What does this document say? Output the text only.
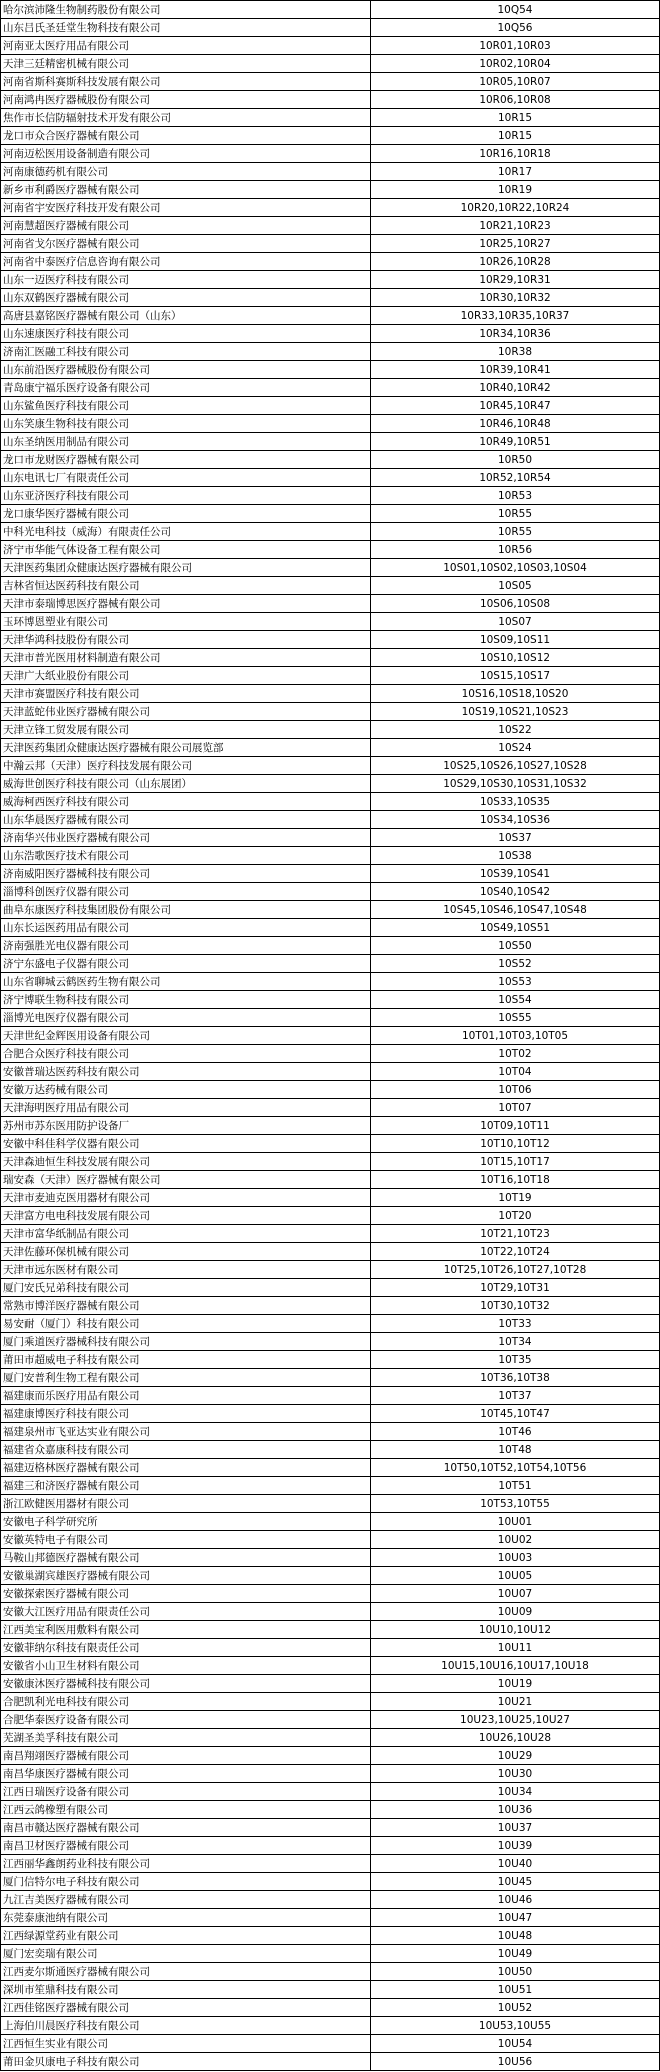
哈尔滨沛隆生物制药股份有限公司	10Q54
山东吕氏圣廷堂生物科技有限公司	10Q56
河南亚太医疗用品有限公司	10R01,10R03
天津三廷精密机械有限公司	10R02,10R04
河南省斯科赛斯科技发展有限公司	10R05,10R07
河南鸿冉医疗器械股份有限公司	10R06,10R08
焦作市长信防辐射技术开发有限公司	10R15
龙口市众合医疗器械有限公司	10R15
河南迈松医用设备制造有限公司	10R16,10R18
河南康德药机有限公司	10R17
新乡市利爵医疗器械有限公司	10R19
河南省宇安医疗科技开发有限公司	10R20,10R22,10R24
河南慧超医疗器械有限公司	10R21,10R23
河南省戈尔医疗器械有限公司	10R25,10R27
河南省中泰医疗信息咨询有限公司	10R26,10R28
山东一迈医疗科技有限公司	10R29,10R31
山东双鹤医疗器械有限公司	10R30,10R32
高唐县嘉铭医疗器械有限公司（山东）	10R33,10R35,10R37
山东速康医疗科技有限公司	10R34,10R36
济南汇医融工科技有限公司	10R38
山东前沿医疗器械股份有限公司	10R39,10R41
青岛康宁福乐医疗设备有限公司	10R40,10R42
山东鲨鱼医疗科技有限公司	10R45,10R47
山东笑康生物科技有限公司	10R46,10R48
山东圣纳医用制品有限公司	10R49,10R51
龙口市龙财医疗器械有限公司	10R50
山东电讯七厂有限责任公司	10R52,10R54
山东亚济医疗科技有限公司	10R53
龙口康华医疗器械有限公司	10R55
中科光电科技（威海）有限责任公司	10R55
济宁市华能气体设备工程有限公司	10R56
天津医药集团众健康达医疗器械有限公司	10S01,10S02,10S03,10S04
吉林省恒达医药科技有限公司	10S05
天津市泰瑞博思医疗器械有限公司	10S06,10S08
玉环博恩塑业有限公司	10S07
天津华鸿科技股份有限公司	10S09,10S11
天津市普光医用材料制造有限公司	10S10,10S12
天津广大纸业股份有限公司	10S15,10S17
天津市赛盟医疗科技有限公司	10S16,10S18,10S20
天津蓝蛇伟业医疗器械有限公司	10S19,10S21,10S23
天津立锋工贸发展有限公司	10S22
天津医药集团众健康达医疗器械有限公司展览部	10S24
中瀚云邦（天津）医疗科技发展有限公司	10S25,10S26,10S27,10S28
威海世创医疗科技有限公司（山东展团）	10S29,10S30,10S31,10S32
威海柯西医疗科技有限公司	10S33,10S35
山东华晨医疗器械有限公司	10S34,10S36
济南华兴伟业医疗器械有限公司	10S37
山东浩歌医疗技术有限公司	10S38
济南威阳医疗器械科技有限公司	10S39,10S41
淄博科创医疗仪器有限公司	10S40,10S42
曲阜东康医疗科技集团股份有限公司	10S45,10S46,10S47,10S48
山东长运医药用品有限公司	10S49,10S51
济南强胜光电仪器有限公司	10S50
济宁东盛电子仪器有限公司	10S52
山东省聊城云鹤医药生物有限公司	10S53
济宁博联生物科技有限公司	10S54
淄博光电医疗仪器有限公司	10S55
天津世纪金辉医用设备有限公司	10T01,10T03,10T05
合肥合众医疗科技有限公司	10T02
安徽普瑞达医药科技有限公司	10T04
安徽万达药械有限公司	10T06
天津海明医疗用品有限公司	10T07
苏州市苏东医用防护设备厂	10T09,10T11
安徽中科佳科学仪器有限公司	10T10,10T12
天津森迪恒生科技发展有限公司	10T15,10T17
瑞安森（天津）医疗器械有限公司	10T16,10T18
天津市麦迪克医用器材有限公司	10T19
天津富方电电科技发展有限公司	10T20
天津市富华纸制品有限公司	10T21,10T23
天津佐藤环保机械有限公司	10T22,10T24
天津市远东医材有限公司	10T25,10T26,10T27,10T28
厦门安氏兄弟科技有限公司	10T29,10T31
常熟市博洋医疗器械有限公司	10T30,10T32
易安耐（厦门）科技有限公司	10T33
厦门乘道医疗器械科技有限公司	10T34
莆田市超威电子科技有限公司	10T35
厦门安普利生物工程有限公司	10T36,10T38
福建康而乐医疗用品有限公司	10T37
福建康博医疗科技有限公司	10T45,10T47
福建泉州市飞亚达实业有限公司	10T46
福建省众嘉康科技有限公司	10T48
福建迈格林医疗器械有限公司	10T50,10T52,10T54,10T56
福建三和济医疗器械有限公司	10T51
浙江欧健医用器材有限公司	10T53,10T55
安徽电子科学研究所	10U01
安徽英特电子有限公司	10U02
马鞍山邦德医疗器械有限公司	10U03
安徽巢湖宾雄医疗器械有限公司	10U05
安徽探索医疗器械有限公司	10U07
安徽大江医疗用品有限责任公司	10U09
江西美宝利医用敷料有限公司	10U10,10U12
安徽菲纳尔科技有限责任公司	10U11
安徽省小山卫生材料有限公司	10U15,10U16,10U17,10U18
安徽康沐医疗器械科技有限公司	10U19
合肥凯利光电科技有限公司	10U21
合肥华泰医疗设备有限公司	10U23,10U25,10U27
芜湖圣美孚科技有限公司	10U26,10U28
南昌翔翊医疗器械有限公司	10U29
南昌华康医疗器械有限公司	10U30
江西日瑞医疗设备有限公司	10U34
江西云鸽橡塑有限公司	10U36
南昌市赣达医疗器械有限公司	10U37
南昌卫材医疗器械有限公司	10U39
江西丽华鑫朗药业科技有限公司	10U40
厦门信特尔电子科技有限公司	10U45
九江吉美医疗器械有限公司	10U46
东莞泰康池纳有限公司	10U47
江西绿源堂药业有限公司	10U48
厦门宏奕瑞有限公司	10U49
江西麦尔斯通医疗器械有限公司	10U50
深圳市笙鼎科技有限公司	10U51
江西佳铭医疗器械有限公司	10U52
上海伯川晨医疗科技有限公司	10U53,10U55
江西恒生实业有限公司	10U54
莆田金贝康电子科技有限公司	10U56
